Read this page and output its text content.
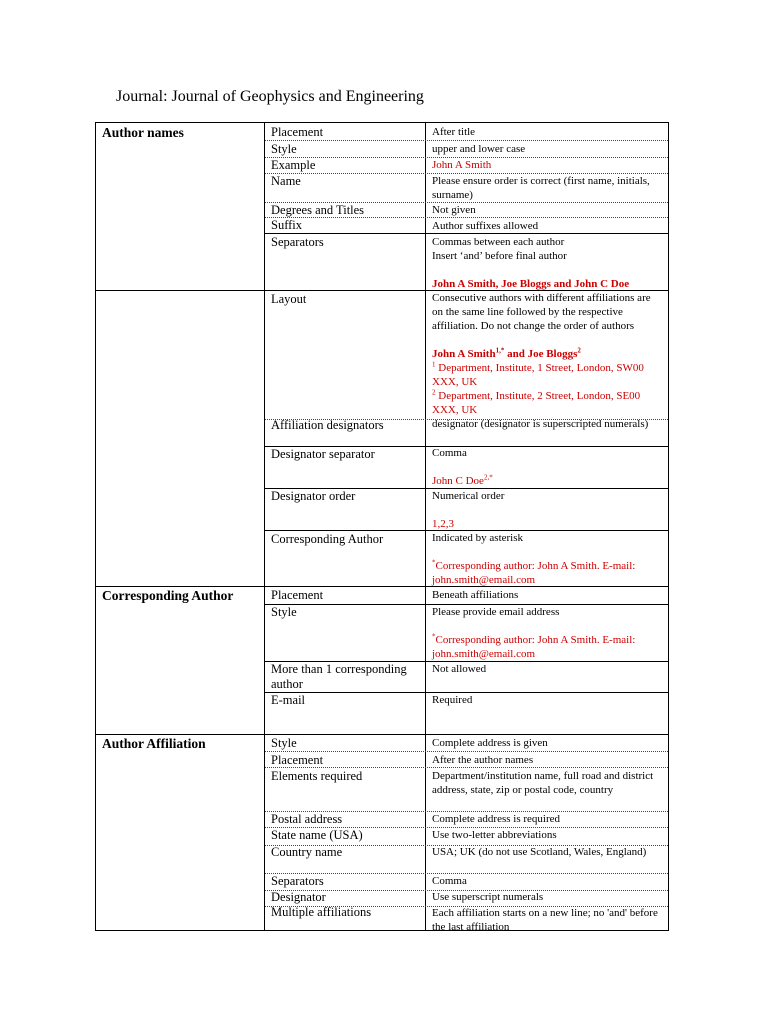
Journal: Journal of Geophysics and Engineering
Author names
Corresponding Author
Author Affiliation
Placement
Style
Example
Name
Degrees and Titles
Suffix
Separators
Layout
Affiliation designators
Designator separator
Designator order
Corresponding Author
Placement
Style
More than 1 corresponding author
E-mail
Style
Placement
Elements required
Postal address
State name (USA)
Country name
Separators
Designator
Multiple affiliations
After title
upper and lower case
John A Smith
Please ensure order is correct (first name, initials, surname)
Not given
Author suffixes allowed
Commas between each author
Insert ‘and’ before final author
John A Smith, Joe Bloggs and John C Doe
Consecutive authors with different affiliations are on the same line followed by the respective affiliation. Do not change the order of authors
John A Smith$^{1,*}$ and Joe Bloggs$^2$
$^1$ Department, Institute, 1 Street, London, SW00 XXX, UK
$^2$ Department, Institute, 2 Street, London, SE00 XXX, UK
designator (designator is superscripted numerals)
Comma
John C Doe$^{2,*}$
Numerical order
1,2,3
Indicated by asterisk
*Corresponding author: John A Smith. E-mail: john.smith@email.com
Beneath affiliations
Please provide email address
*Corresponding author: John A Smith. E-mail: john.smith@email.com
Not allowed
Required
Complete address is given
After the author names
Department/institution name, full road and district address, state, zip or postal code, country
Complete address is required
Use two-letter abbreviations
USA; UK (do not use Scotland, Wales, England)
Comma
Use superscript numerals
Each affiliation starts on a new line; no 'and' before the last affiliation
